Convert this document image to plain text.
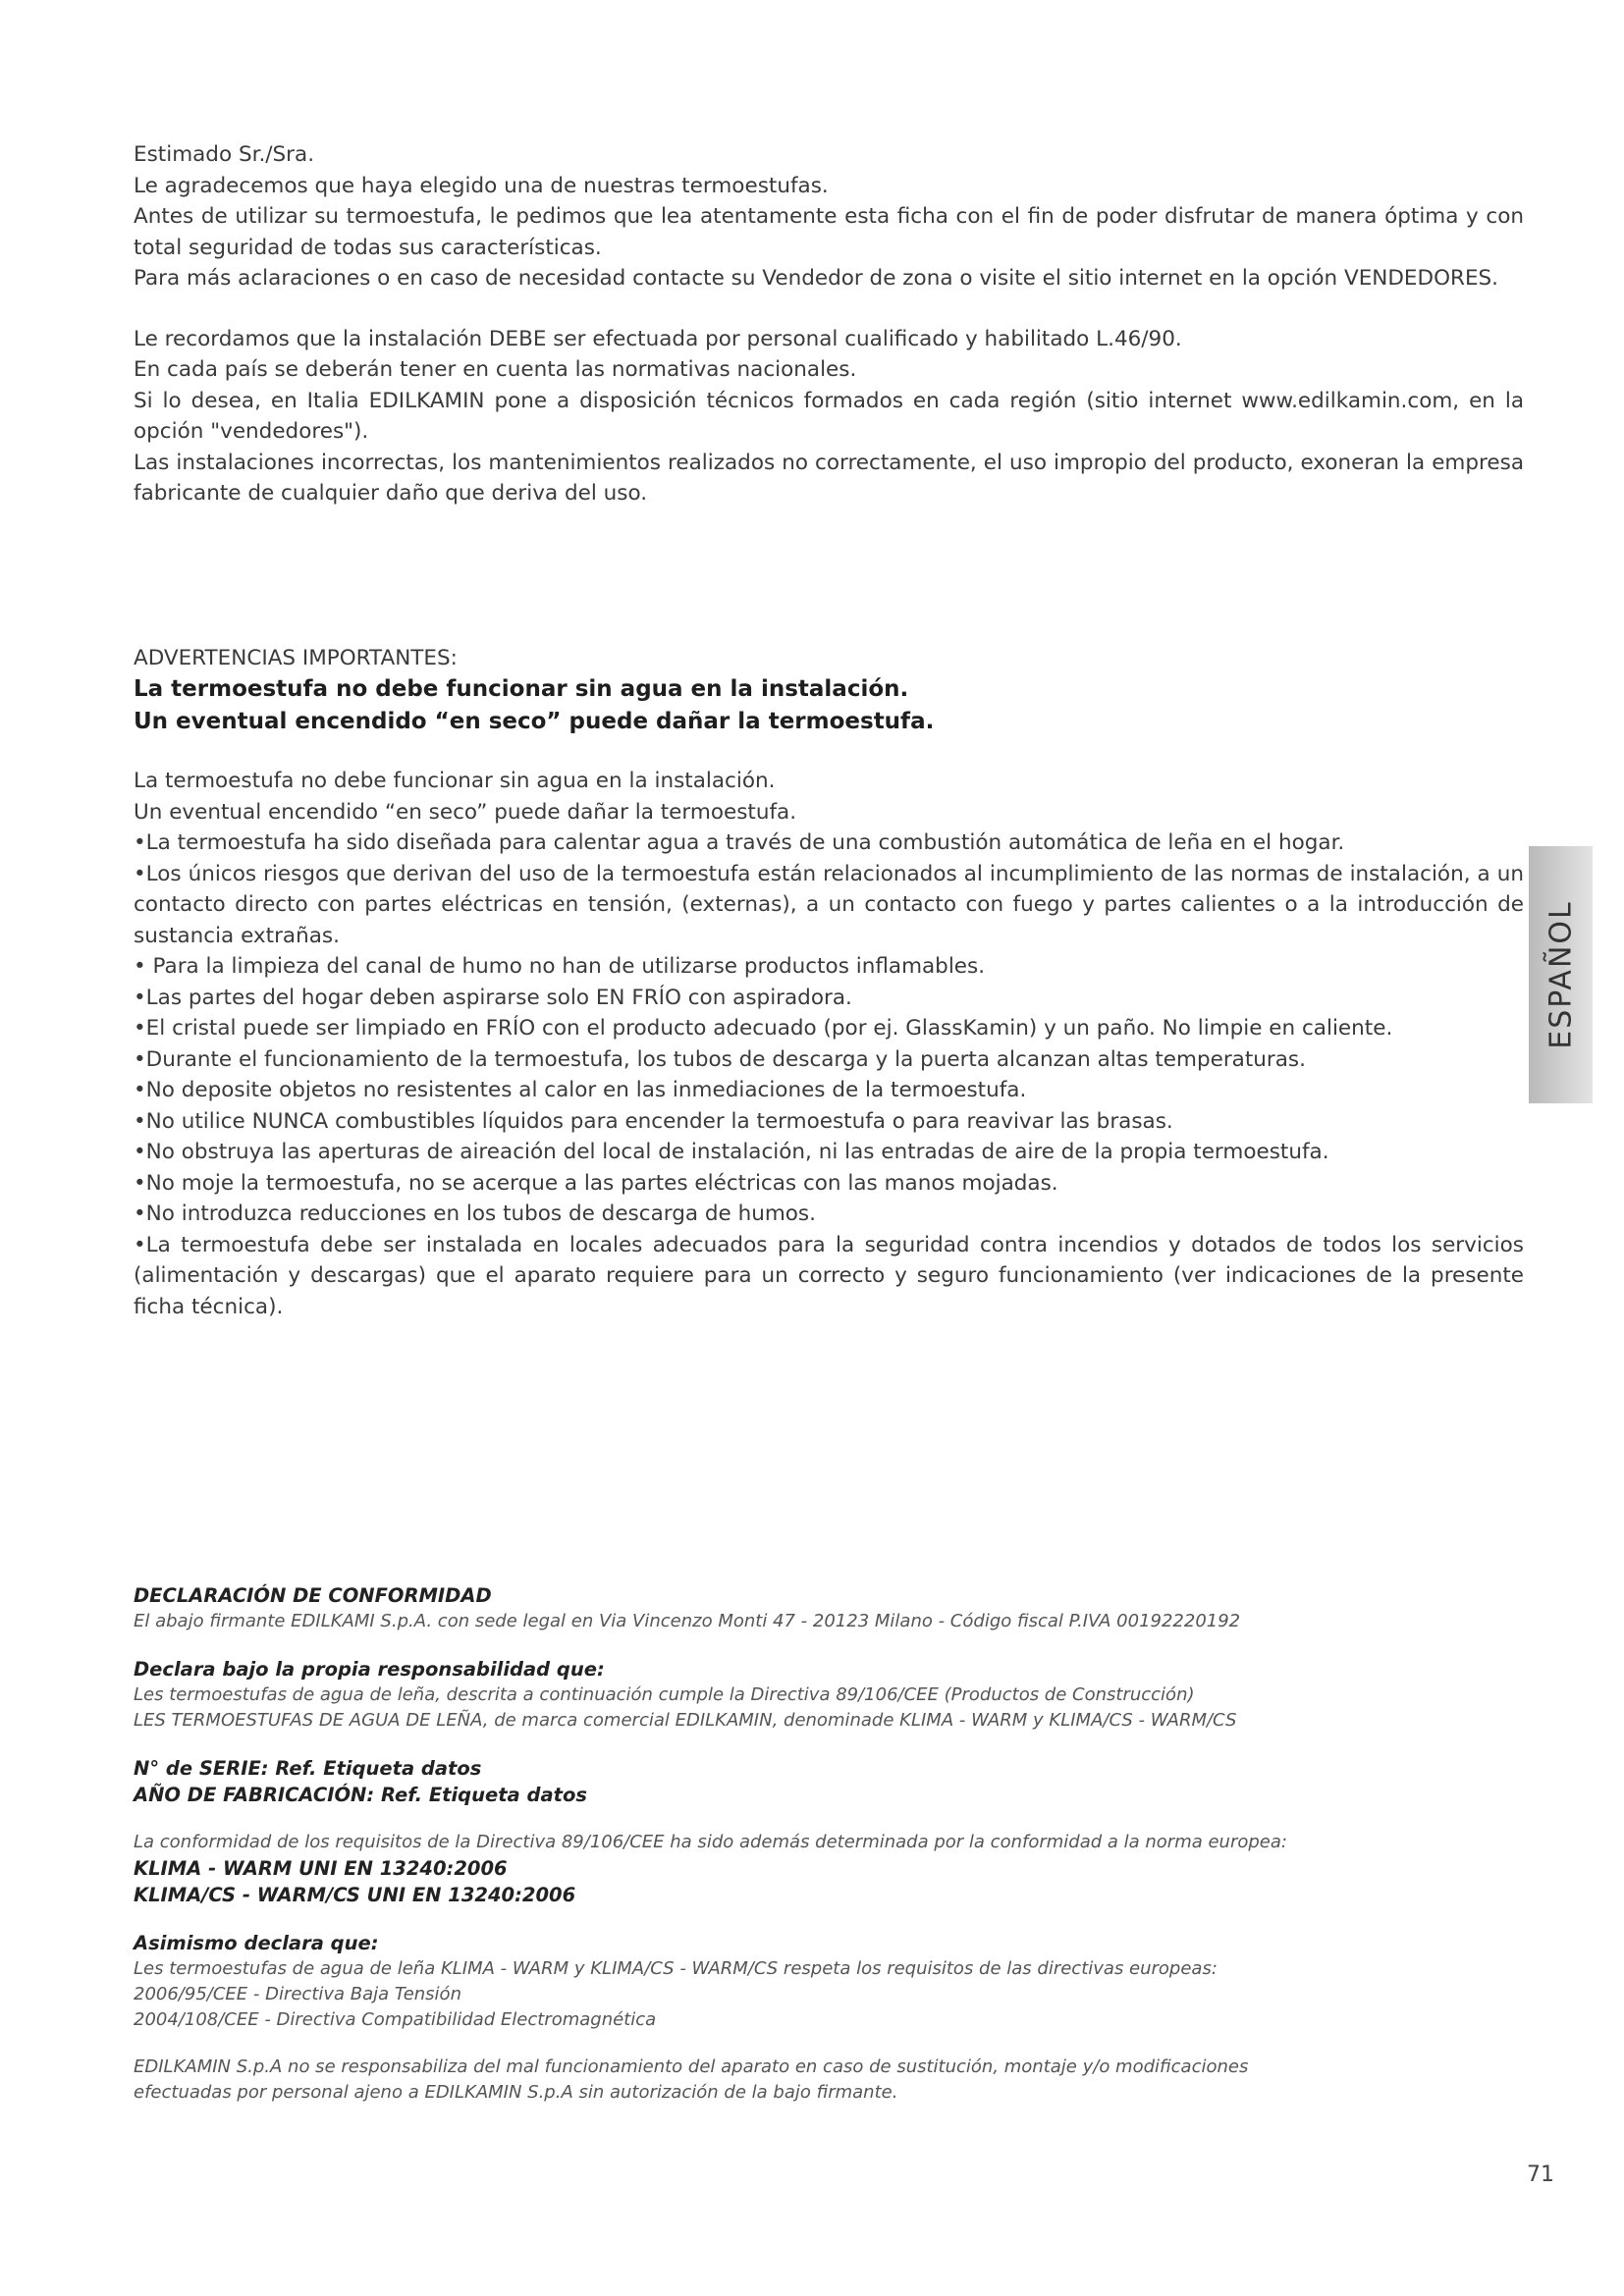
Estimado Sr./Sra.

Le agradecemos que haya elegido una de nuestras termoestufas.

Antes de utilizar su termoestufa, le pedimos que lea atentamente esta ficha con el fin de poder disfrutar de manera óptima y con total seguridad de todas sus características.

Para más aclaraciones o en caso de necesidad contacte su Vendedor de zona o visite el sitio internet en la opción VENDEDORES.

Le recordamos que la instalación DEBE ser efectuada por personal cualificado y habilitado L.46/90.

En cada país se deberán tener en cuenta las normativas nacionales.

Si lo desea, en Italia EDILKAMIN pone a disposición técnicos formados en cada región (sitio internet www.edilkamin.com, en la opción "vendedores").

Las instalaciones incorrectas, los mantenimientos realizados no correctamente, el uso impropio del producto, exoneran la empresa fabricante de cualquier daño que deriva del uso.

ADVERTENCIAS IMPORTANTES:

La termoestufa no debe funcionar sin agua en la instalación.

Un eventual encendido “en seco” puede dañar la termoestufa.

La termoestufa no debe funcionar sin agua en la instalación.

Un eventual encendido “en seco” puede dañar la termoestufa.

•La termoestufa ha sido diseñada para calentar agua a través de una combustión automática de leña en el hogar.

•Los únicos riesgos que derivan del uso de la termoestufa están relacionados al incumplimiento de las normas de instalación, a un contacto directo con partes eléctricas en tensión, (externas), a un contacto con fuego y partes calientes o a la introducción de sustancia extrañas.

• Para la limpieza del canal de humo no han de utilizarse productos inflamables.

•Las partes del hogar deben aspirarse solo EN FRÍO con aspiradora.

•El cristal puede ser limpiado en FRÍO con el producto adecuado (por ej. GlassKamin) y un paño. No limpie en caliente.

•Durante el funcionamiento de la termoestufa, los tubos de descarga y la puerta alcanzan altas temperaturas.

•No deposite objetos no resistentes al calor en las inmediaciones de la termoestufa.

•No utilice NUNCA combustibles líquidos para encender la termoestufa o para reavivar las brasas.

•No obstruya las aperturas de aireación del local de instalación, ni las entradas de aire de la propia termoestufa.

•No moje la termoestufa, no se acerque a las partes eléctricas con las manos mojadas.

•No introduzca reducciones en los tubos de descarga de humos.

•La termoestufa debe ser instalada en locales adecuados para la seguridad contra incendios y dotados de todos los servicios (alimentación y descargas) que el aparato requiere para un correcto y seguro funcionamiento (ver indicaciones de la presente ficha técnica).

DECLARACIÓN DE CONFORMIDAD

El abajo firmante EDILKAMI S.p.A. con sede legal en Via Vincenzo Monti 47 - 20123 Milano - Código fiscal P.IVA 00192220192

Declara bajo la propia responsabilidad que:

Les termoestufas de agua de leña, descrita a continuación cumple la Directiva 89/106/CEE (Productos de Construcción)

LES TERMOESTUFAS DE AGUA DE LEÑA, de marca comercial EDILKAMIN, denominade KLIMA - WARM y KLIMA/CS - WARM/CS

N° de SERIE: Ref. Etiqueta datos

AÑO DE FABRICACIÓN: Ref. Etiqueta datos

La conformidad de los requisitos de la Directiva 89/106/CEE ha sido además determinada por la conformidad a la norma europea:

KLIMA - WARM UNI EN 13240:2006

KLIMA/CS - WARM/CS UNI EN 13240:2006

Asimismo declara que:

Les termoestufas de agua de leña KLIMA - WARM y KLIMA/CS - WARM/CS respeta los requisitos de las directivas europeas:

2006/95/CEE - Directiva Baja Tensión

2004/108/CEE - Directiva Compatibilidad Electromagnética

EDILKAMIN S.p.A no se responsabiliza del mal funcionamiento del aparato en caso de sustitución, montaje y/o modificaciones

efectuadas por personal ajeno a EDILKAMIN S.p.A sin autorización de la bajo firmante.

ESPAÑOL
71
